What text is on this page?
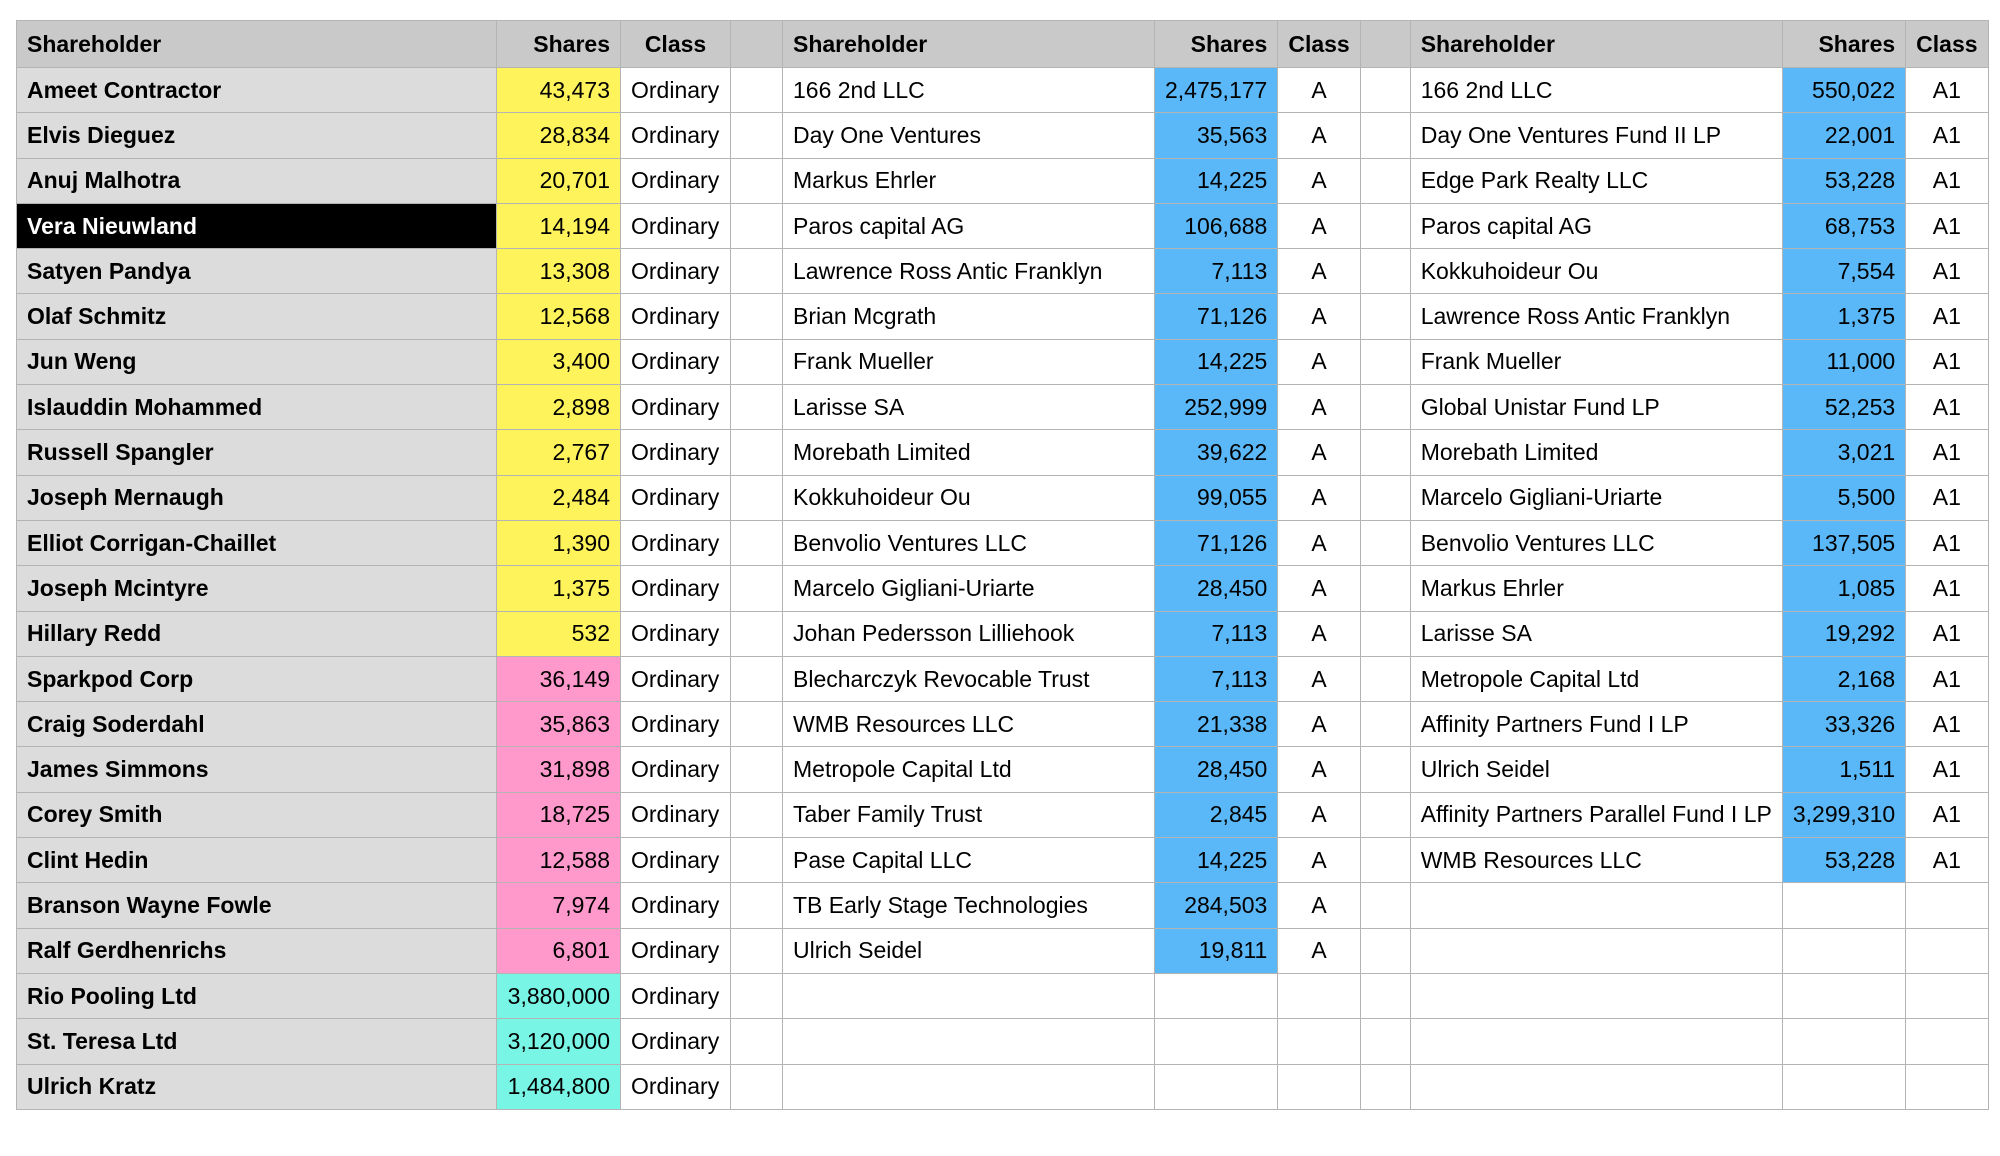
Shareholder	Shares	Class		Shareholder	Shares	Class		Shareholder	Shares	Class
Ameet Contractor	43,473	Ordinary		166 2nd LLC	2,475,177	A		166 2nd LLC	550,022	A1
Elvis Dieguez	28,834	Ordinary		Day One Ventures	35,563	A		Day One Ventures Fund II LP	22,001	A1
Anuj Malhotra	20,701	Ordinary		Markus Ehrler	14,225	A		Edge Park Realty LLC	53,228	A1
Vera Nieuwland	14,194	Ordinary		Paros capital AG	106,688	A		Paros capital AG	68,753	A1
Satyen Pandya	13,308	Ordinary		Lawrence Ross Antic Franklyn	7,113	A		Kokkuhoideur Ou	7,554	A1
Olaf Schmitz	12,568	Ordinary		Brian Mcgrath	71,126	A		Lawrence Ross Antic Franklyn	1,375	A1
Jun Weng	3,400	Ordinary		Frank Mueller	14,225	A		Frank Mueller	11,000	A1
Islauddin Mohammed	2,898	Ordinary		Larisse SA	252,999	A		Global Unistar Fund LP	52,253	A1
Russell Spangler	2,767	Ordinary		Morebath Limited	39,622	A		Morebath Limited	3,021	A1
Joseph Mernaugh	2,484	Ordinary		Kokkuhoideur Ou	99,055	A		Marcelo Gigliani-Uriarte	5,500	A1
Elliot Corrigan-Chaillet	1,390	Ordinary		Benvolio Ventures LLC	71,126	A		Benvolio Ventures LLC	137,505	A1
Joseph Mcintyre	1,375	Ordinary		Marcelo Gigliani-Uriarte	28,450	A		Markus Ehrler	1,085	A1
Hillary Redd	532	Ordinary		Johan Pedersson Lilliehook	7,113	A		Larisse SA	19,292	A1
Sparkpod Corp	36,149	Ordinary		Blecharczyk Revocable Trust	7,113	A		Metropole Capital Ltd	2,168	A1
Craig Soderdahl	35,863	Ordinary		WMB Resources LLC	21,338	A		Affinity Partners Fund I LP	33,326	A1
James Simmons	31,898	Ordinary		Metropole Capital Ltd	28,450	A		Ulrich Seidel	1,511	A1
Corey Smith	18,725	Ordinary		Taber Family Trust	2,845	A		Affinity Partners Parallel Fund I LP	3,299,310	A1
Clint Hedin	12,588	Ordinary		Pase Capital LLC	14,225	A		WMB Resources LLC	53,228	A1
Branson Wayne Fowle	7,974	Ordinary		TB Early Stage Technologies	284,503	A				
Ralf Gerdhenrichs	6,801	Ordinary		Ulrich Seidel	19,811	A				
Rio Pooling Ltd	3,880,000	Ordinary								
St. Teresa Ltd	3,120,000	Ordinary								
Ulrich Kratz	1,484,800	Ordinary								
